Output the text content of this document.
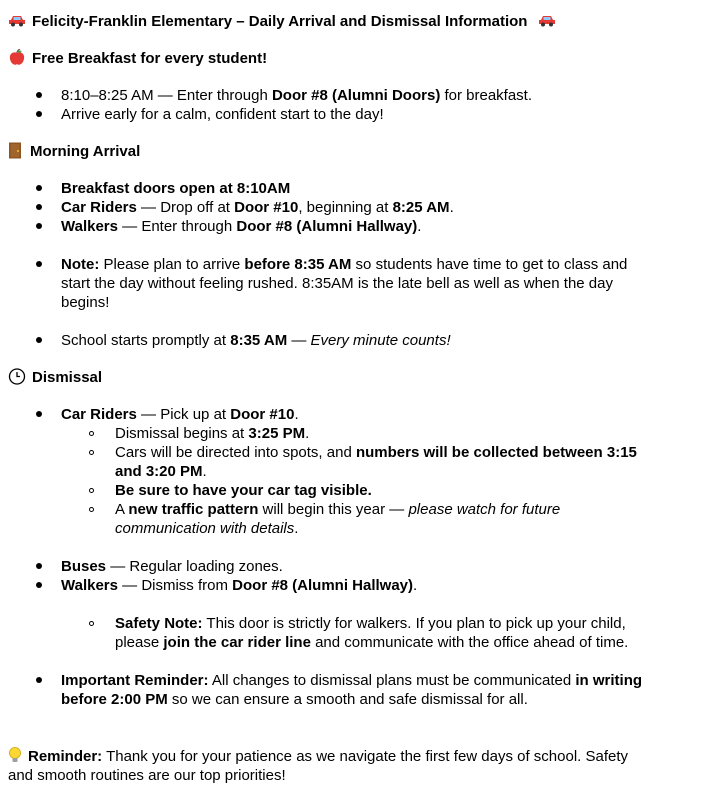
Felicity-Franklin Elementary – Daily Arrival and Dismissal Information
Free Breakfast for every student!
8:10–8:25 AM — Enter through Door #8 (Alumni Doors) for breakfast.
Arrive early for a calm, confident start to the day!
Morning Arrival
Breakfast doors open at 8:10AM
Car Riders — Drop off at Door #10, beginning at 8:25 AM.
Walkers — Enter through Door #8 (Alumni Hallway).
Note: Please plan to arrive before 8:35 AM so students have time to get to class and
start the day without feeling rushed. 8:35AM is the late bell as well as when the day
begins!
School starts promptly at 8:35 AM — Every minute counts!
Dismissal
Car Riders — Pick up at Door #10.
Dismissal begins at 3:25 PM.
Cars will be directed into spots, and numbers will be collected between 3:15
and 3:20 PM.
Be sure to have your car tag visible.
A new traffic pattern will begin this year — please watch for future
communication with details.
Buses — Regular loading zones.
Walkers — Dismiss from Door #8 (Alumni Hallway).
Safety Note: This door is strictly for walkers. If you plan to pick up your child,
please join the car rider line and communicate with the office ahead of time.
Important Reminder: All changes to dismissal plans must be communicated in writing
before 2:00 PM so we can ensure a smooth and safe dismissal for all.
Reminder: Thank you for your patience as we navigate the first few days of school. Safety
and smooth routines are our top priorities!
